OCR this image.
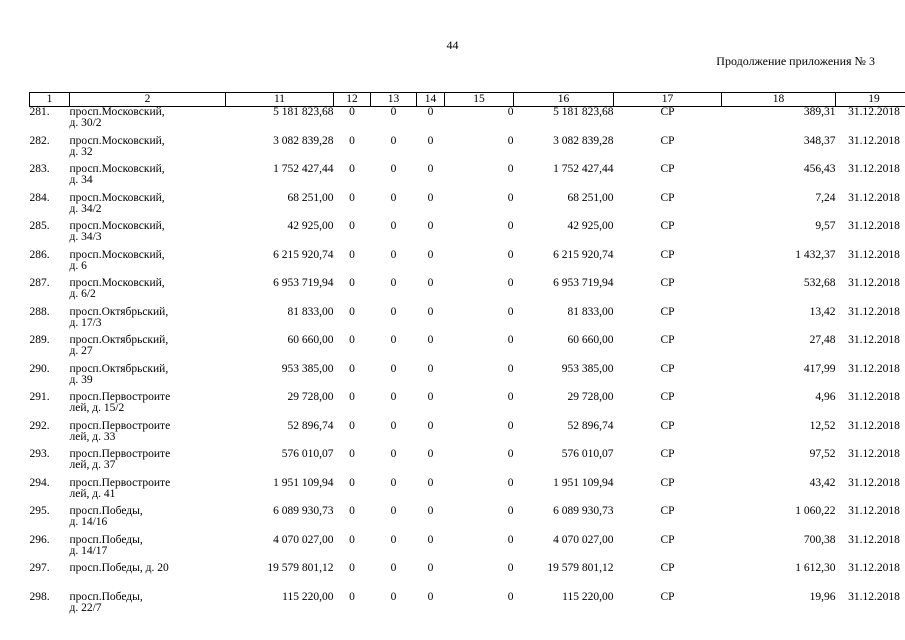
44
Продолжение приложения № 3
1	2	11	12	13	14	15	16	17	18	19
281.	просп.Московский,
д. 30/2	5 181 823,68	0	0	0	0	5 181 823,68	СР	389,31	31.12.2018
282.	просп.Московский,
д. 32	3 082 839,28	0	0	0	0	3 082 839,28	СР	348,37	31.12.2018
283.	просп.Московский,
д. 34	1 752 427,44	0	0	0	0	1 752 427,44	СР	456,43	31.12.2018
284.	просп.Московский,
д. 34/2	68 251,00	0	0	0	0	68 251,00	СР	7,24	31.12.2018
285.	просп.Московский,
д. 34/3	42 925,00	0	0	0	0	42 925,00	СР	9,57	31.12.2018
286.	просп.Московский,
д. 6	6 215 920,74	0	0	0	0	6 215 920,74	СР	1 432,37	31.12.2018
287.	просп.Московский,
д. 6/2	6 953 719,94	0	0	0	0	6 953 719,94	СР	532,68	31.12.2018
288.	просп.Октябрьский,
д. 17/3	81 833,00	0	0	0	0	81 833,00	СР	13,42	31.12.2018
289.	просп.Октябрьский,
д. 27	60 660,00	0	0	0	0	60 660,00	СР	27,48	31.12.2018
290.	просп.Октябрьский,
д. 39	953 385,00	0	0	0	0	953 385,00	СР	417,99	31.12.2018
291.	просп.Первостроите
лей, д. 15/2	29 728,00	0	0	0	0	29 728,00	СР	4,96	31.12.2018
292.	просп.Первостроите
лей, д. 33	52 896,74	0	0	0	0	52 896,74	СР	12,52	31.12.2018
293.	просп.Первостроите
лей, д. 37	576 010,07	0	0	0	0	576 010,07	СР	97,52	31.12.2018
294.	просп.Первостроите
лей, д. 41	1 951 109,94	0	0	0	0	1 951 109,94	СР	43,42	31.12.2018
295.	просп.Победы,
д. 14/16	6 089 930,73	0	0	0	0	6 089 930,73	СР	1 060,22	31.12.2018
296.	просп.Победы,
д. 14/17	4 070 027,00	0	0	0	0	4 070 027,00	СР	700,38	31.12.2018
297.	просп.Победы, д. 20	19 579 801,12	0	0	0	0	19 579 801,12	СР	1 612,30	31.12.2018
298.	просп.Победы,
д. 22/7	115 220,00	0	0	0	0	115 220,00	СР	19,96	31.12.2018
